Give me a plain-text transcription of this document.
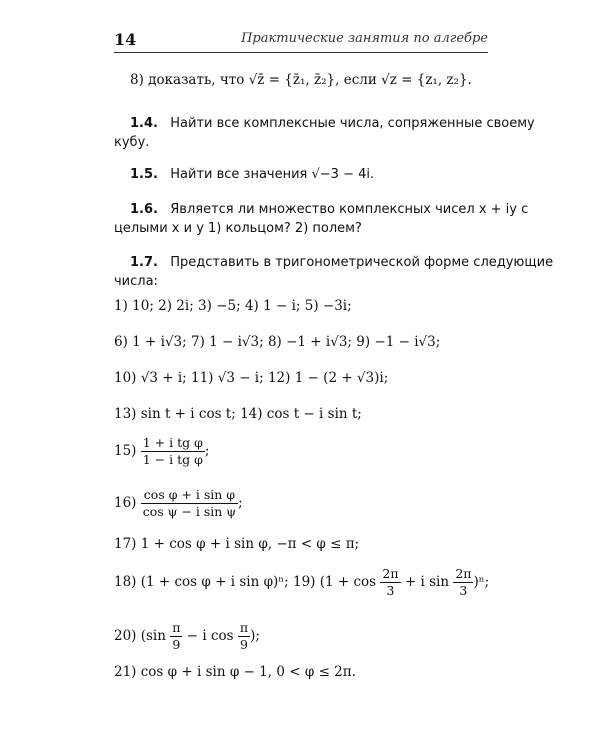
14	Практические занятия по алгебре
8) доказать, что √z̄ = {z̄₁, z̄₂}, если √z = {z₁, z₂}.
1.4. Найти все комплексные числа, сопряженные своему
кубу.
1.5. Найти все значения √−3 − 4i.
1.6. Является ли множество комплексных чисел x + iy с
целыми x и y 1) кольцом? 2) полем?
1.7. Представить в тригонометрической форме следующие
числа:
1) 10; 2) 2i; 3) −5; 4) 1 − i; 5) −3i;
6) 1 + i√3; 7) 1 − i√3; 8) −1 + i√3; 9) −1 − i√3;
10) √3 + i; 11) √3 − i; 12) 1 − (2 + √3)i;
13) sin t + i cos t; 14) cos t − i sin t;
$15) \frac{\text{1 + i tg φ}}{\text{1 − i tg φ}}$ ;
$16) \frac{\text{cos φ + i sin φ}}{\text{cos ψ − i sin ψ}}$ ;
17) 1 + cos φ + i sin φ, −π < φ ≤ π;
18) (1 + cos φ + i sin φ)ⁿ; 19) ($1 + \cos \frac{2\pi}{3} + i$ $\sin \frac{2\pi}{3} )^n$;
20) ($\sin \frac{\pi}{9} - i$ $\cos \frac{\pi}{9}$ );
21) cos φ + i sin φ − 1, 0 < φ ≤ 2π.
